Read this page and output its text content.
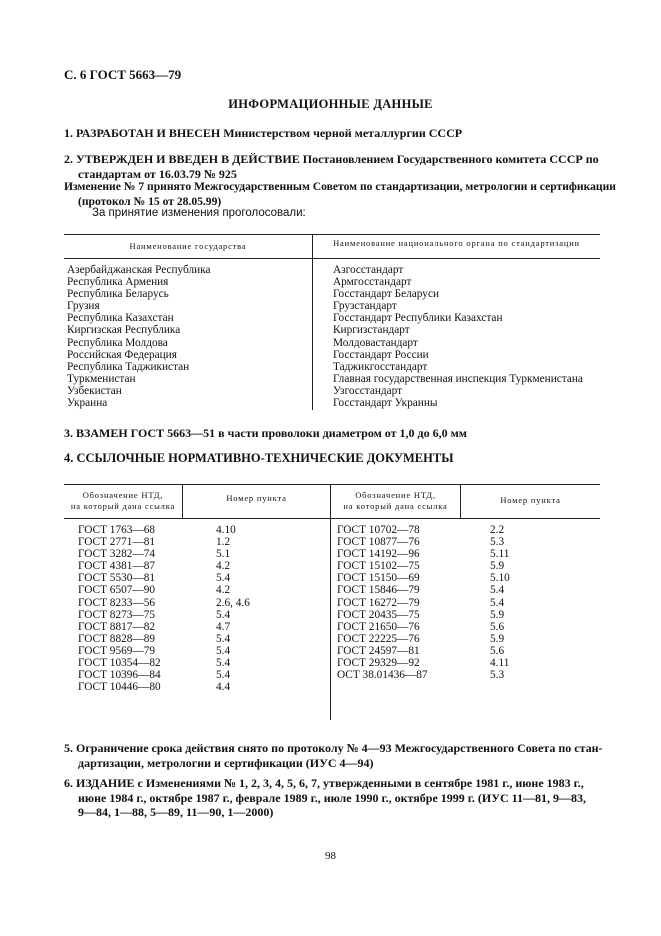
С. 6 ГОСТ 5663—79
ИНФОРМАЦИОННЫЕ ДАННЫЕ
1. РАЗРАБОТАН И ВНЕСЕН Министерством черной металлургии СССР
2. УТВЕРЖДЕН И ВВЕДЕН В ДЕЙСТВИЕ Постановлением Государственного комитета СССР по
стандартам от 16.03.79 № 925
Изменение № 7 принято Межгосударственным Советом по стандартизации, метрологии и сертификации
(протокол № 15 от 28.05.99)
За принятие изменения проголосовали:
Наименование государства	Наименование национального органа по стандартизации
Азербайджанская Республика
Республика Армения
Республика Беларусь
Грузия
Республика Казахстан
Киргизская Республика
Республика Молдова
Российская Федерация
Республика Таджикистан
Туркменистан
Узбекистан
Украина
Азгосстандарт
Армгосстандарт
Госстандарт Беларуси
Грузстандарт
Госстандарт Республики Казахстан
Киргизстандарт
Молдовастандарт
Госстандарт России
Таджикгосстандарт
Главная государственная инспекция Туркменистана
Узгосстандарт
Госстандарт Украины
3. ВЗАМЕН ГОСТ 5663—51 в части проволоки диаметром от 1,0 до 6,0 мм
4. ССЫЛОЧНЫЕ НОРМАТИВНО-ТЕХНИЧЕСКИЕ ДОКУМЕНТЫ
Обозначение НТД,
на который дана ссылка
Номер пункта	Обозначение НТД,
на который дана ссылка
Номер пункта
ГОСТ 1763—68
ГОСТ 2771—81
ГОСТ 3282—74
ГОСТ 4381—87
ГОСТ 5530—81
ГОСТ 6507—90
ГОСТ 8233—56
ГОСТ 8273—75
ГОСТ 8817—82
ГОСТ 8828—89
ГОСТ 9569—79
ГОСТ 10354—82
ГОСТ 10396—84
ГОСТ 10446—80
4.10
1.2
5.1
4.2
5.4
4.2
2.6, 4.6
5.4
4.7
5.4
5.4
5.4
5.4
4.4
ГОСТ 10702—78
ГОСТ 10877—76
ГОСТ 14192—96
ГОСТ 15102—75
ГОСТ 15150—69
ГОСТ 15846—79
ГОСТ 16272—79
ГОСТ 20435—75
ГОСТ 21650—76
ГОСТ 22225—76
ГОСТ 24597—81
ГОСТ 29329—92
ОСТ 38.01436—87
2.2
5.3
5.11
5.9
5.10
5.4
5.4
5.9
5.6
5.9
5.6
4.11
5.3
5. Ограничение срока действия снято по протоколу № 4—93 Межгосударственного Совета по стан-
дартизации, метрологии и сертификации (ИУС 4—94)
6. ИЗДАНИЕ с Изменениями № 1, 2, 3, 4, 5, 6, 7, утвержденными в сентябре 1981 г., июне 1983 г.,
июне 1984 г., октябре 1987 г., феврале 1989 г., июле 1990 г., октябре 1999 г. (ИУС 11—81, 9—83,
9—84, 1—88, 5—89, 11—90, 1—2000)
98
